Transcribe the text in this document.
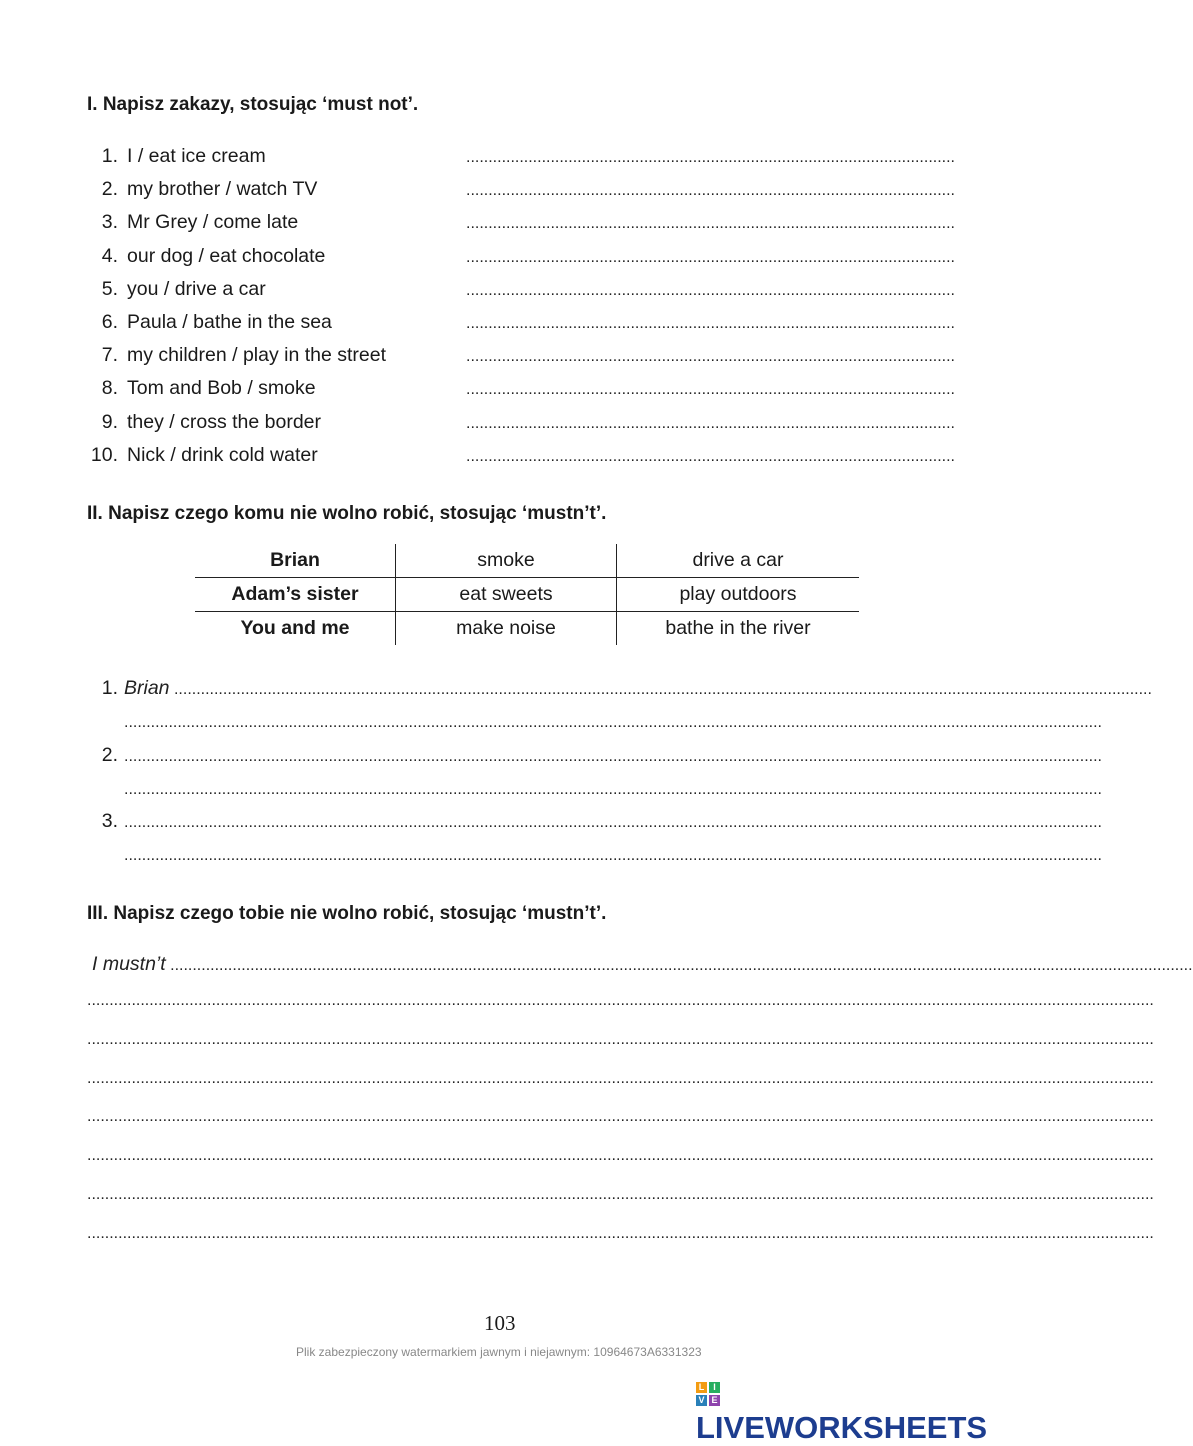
I. Napisz zakazy, stosując ‘must not’.
1. I / eat ice cream	..............................................................................................................
2. my brother / watch TV	..............................................................................................................
3. Mr Grey / come late	..............................................................................................................
4. our dog / eat chocolate	..............................................................................................................
5. you / drive a car	..............................................................................................................
6. Paula / bathe in the sea	..............................................................................................................
7. my children / play in the street	..............................................................................................................
8. Tom and Bob / smoke	..............................................................................................................
9. they / cross the border	..............................................................................................................
10. Nick / drink cold water	..............................................................................................................
II. Napisz czego komu nie wolno robić, stosując ‘mustn’t’.
Brian	smoke	drive a car
Adam’s sister	eat sweets	play outdoors
You and me	make noise	bathe in the river
1. Brian ............................................................................................................................................................................................................................
............................................................................................................................................................................................................................
2. ............................................................................................................................................................................................................................
............................................................................................................................................................................................................................
3. ............................................................................................................................................................................................................................
............................................................................................................................................................................................................................
III. Napisz czego tobie nie wolno robić, stosując ‘mustn’t’.
I mustn’t ......................................................................................................................................................................................................................................
................................................................................................................................................................................................................................................
................................................................................................................................................................................................................................................
................................................................................................................................................................................................................................................
................................................................................................................................................................................................................................................
................................................................................................................................................................................................................................................
................................................................................................................................................................................................................................................
................................................................................................................................................................................................................................................
103
Plik zabezpieczony watermarkiem jawnym i niejawnym: 10964673A6331323
L I
V E
LIVEWORKSHEETS
